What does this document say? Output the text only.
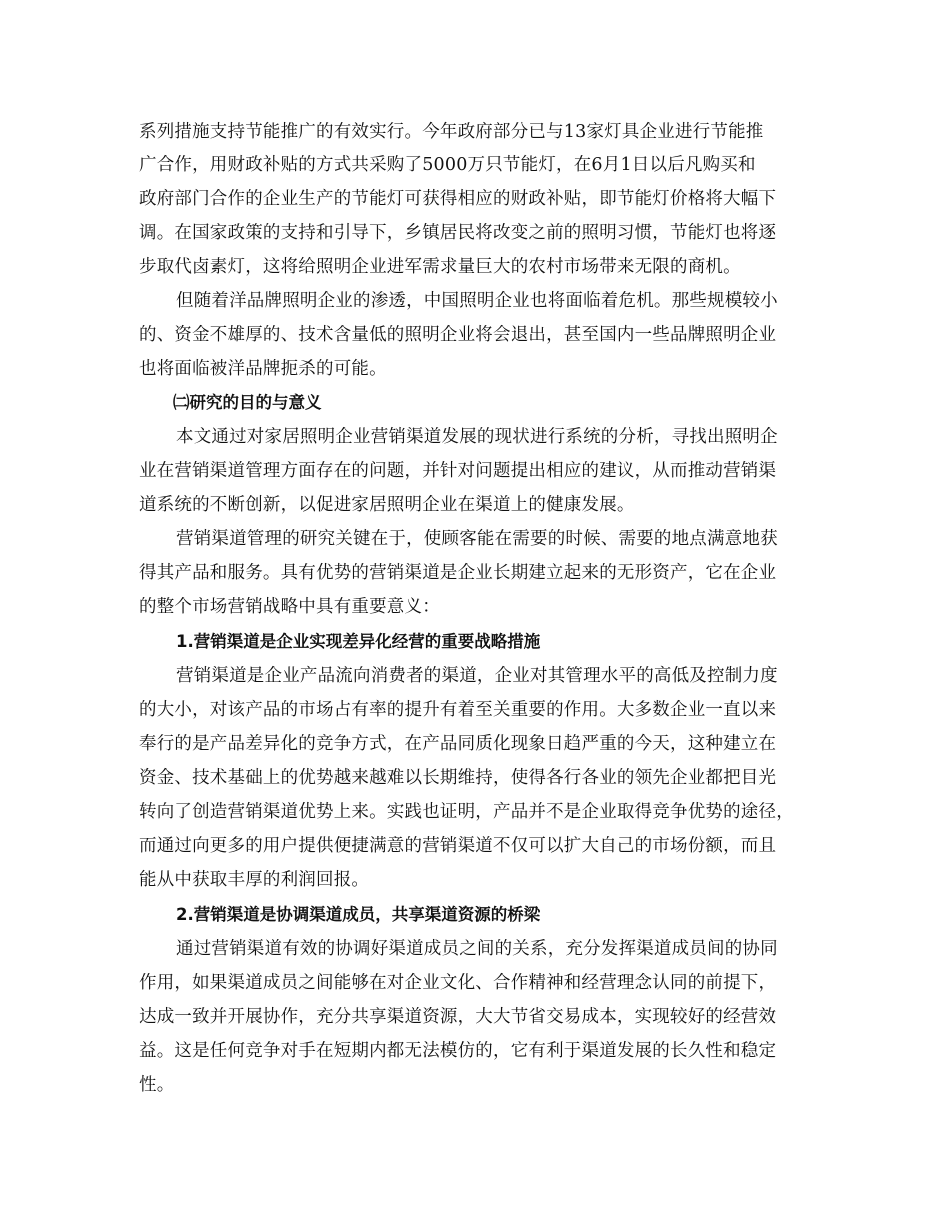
系列措施支持节能推广的有效实行。今年政府部分已与13家灯具企业进行节能推
广合作，用财政补贴的方式共采购了5000万只节能灯，在6月1日以后凡购买和
政府部门合作的企业生产的节能灯可获得相应的财政补贴，即节能灯价格将大幅下
调。在国家政策的支持和引导下，乡镇居民将改变之前的照明习惯，节能灯也将逐
步取代卤素灯，这将给照明企业进军需求量巨大的农村市场带来无限的商机。
但随着洋品牌照明企业的渗透，中国照明企业也将面临着危机。那些规模较小
的、资金不雄厚的、技术含量低的照明企业将会退出，甚至国内一些品牌照明企业
也将面临被洋品牌扼杀的可能。
㈡研究的目的与意义
本文通过对家居照明企业营销渠道发展的现状进行系统的分析，寻找出照明企
业在营销渠道管理方面存在的问题，并针对问题提出相应的建议，从而推动营销渠
道系统的不断创新，以促进家居照明企业在渠道上的健康发展。
营销渠道管理的研究关键在于，使顾客能在需要的时候、需要的地点满意地获
得其产品和服务。具有优势的营销渠道是企业长期建立起来的无形资产，它在企业
的整个市场营销战略中具有重要意义：
1.营销渠道是企业实现差异化经营的重要战略措施
营销渠道是企业产品流向消费者的渠道，企业对其管理水平的高低及控制力度
的大小，对该产品的市场占有率的提升有着至关重要的作用。大多数企业一直以来
奉行的是产品差异化的竞争方式，在产品同质化现象日趋严重的今天，这种建立在
资金、技术基础上的优势越来越难以长期维持，使得各行各业的领先企业都把目光
转向了创造营销渠道优势上来。实践也证明，产品并不是企业取得竞争优势的途径，
而通过向更多的用户提供便捷满意的营销渠道不仅可以扩大自己的市场份额，而且
能从中获取丰厚的利润回报。
2.营销渠道是协调渠道成员，共享渠道资源的桥梁
通过营销渠道有效的协调好渠道成员之间的关系，充分发挥渠道成员间的协同
作用，如果渠道成员之间能够在对企业文化、合作精神和经营理念认同的前提下，
达成一致并开展协作，充分共享渠道资源，大大节省交易成本，实现较好的经营效
益。这是任何竞争对手在短期内都无法模仿的，它有利于渠道发展的长久性和稳定
性。
